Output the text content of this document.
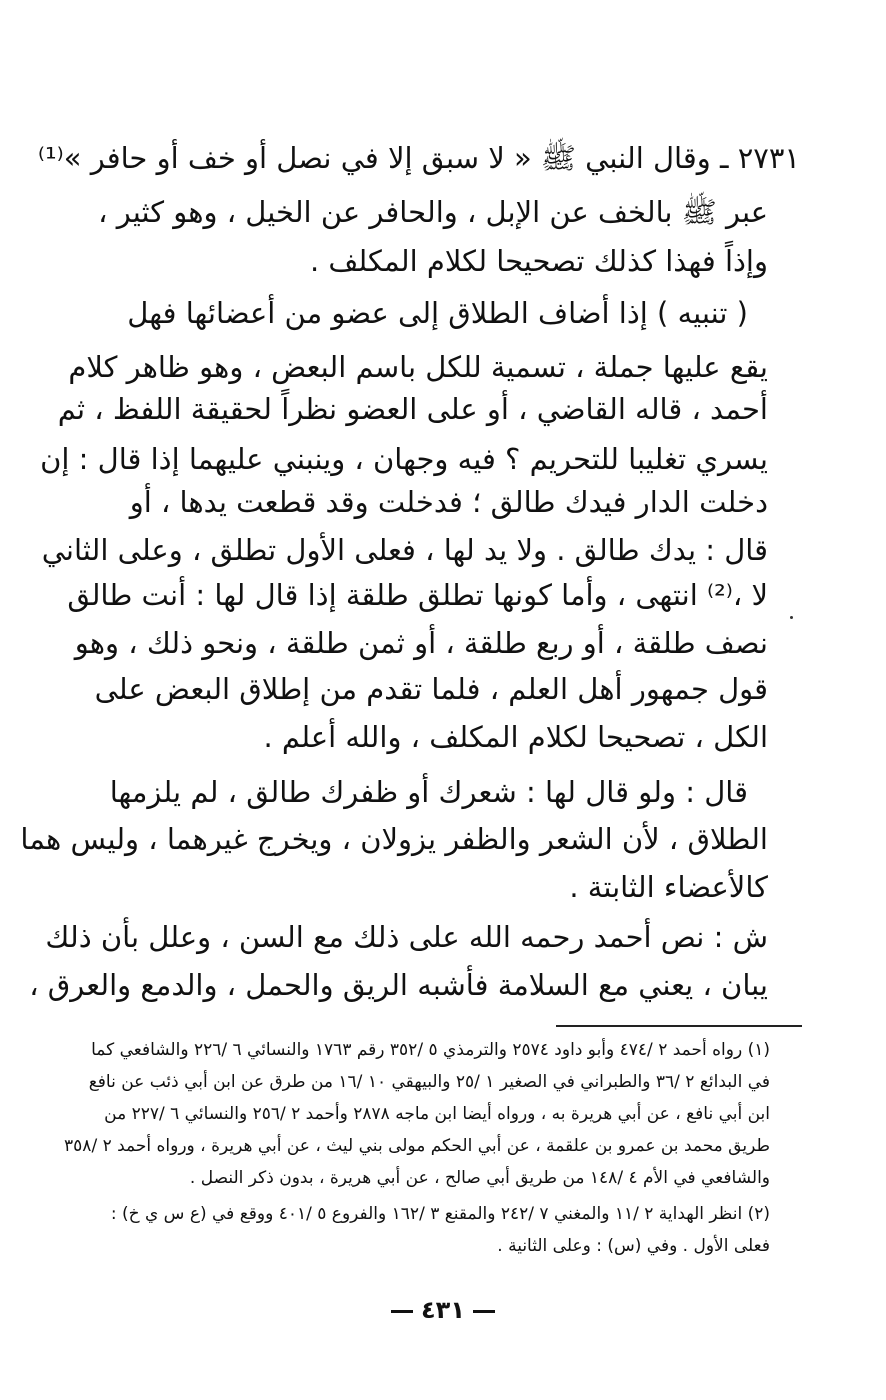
٢٧٣١ ـ وقال النبي ﷺ « لا سبق إلا في نصل أو خف أو حافر »⁽¹⁾

عبر ﷺ بالخف عن الإبل ، والحافر عن الخيل ، وهو كثير ،

وإذاً فهذا كذلك تصحيحا لكلام المكلف .

( تنبيه ) إذا أضاف الطلاق إلى عضو من أعضائها فهل

يقع عليها جملة ، تسمية للكل باسم البعض ، وهو ظاهر كلام

أحمد ، قاله القاضي ، أو على العضو نظراً لحقيقة اللفظ ، ثم

يسري تغليبا للتحريم ؟ فيه وجهان ، وينبني عليهما إذا قال : إن

دخلت الدار فيدك طالق ؛ فدخلت وقد قطعت يدها ، أو

قال : يدك طالق . ولا يد لها ، فعلى الأول تطلق ، وعلى الثاني

لا ،⁽²⁾ انتهى ، وأما كونها تطلق طلقة إذا قال لها : أنت طالق

نصف طلقة ، أو ربع طلقة ، أو ثمن طلقة ، ونحو ذلك ، وهو

قول جمهور أهل العلم ، فلما تقدم من إطلاق البعض على

الكل ، تصحيحا لكلام المكلف ، والله أعلم .

قال : ولو قال لها : شعرك أو ظفرك طالق ، لم يلزمها

الطلاق ، لأن الشعر والظفر يزولان ، ويخرج غيرهما ، وليس هما

كالأعضاء الثابتة .

ش : نص أحمد رحمه الله على ذلك مع السن ، وعلل بأن ذلك

يبان ، يعني مع السلامة فأشبه الريق والحمل ، والدمع والعرق ،

(١) رواه أحمد ٢ /٤٧٤ وأبو داود ٢٥٧٤ والترمذي ٥ /٣٥٢ رقم ١٧٦٣ والنسائي ٦ /٢٢٦ والشافعي كما
في البدائع ٢ /٣٦ والطبراني في الصغير ١ /٢٥ والبيهقي ١٠ /١٦ من طرق عن ابن أبي ذئب عن نافع
ابن أبي نافع ، عن أبي هريرة به ، ورواه أيضا ابن ماجه ٢٨٧٨ وأحمد ٢ /٢٥٦ والنسائي ٦ /٢٢٧ من
طريق محمد بن عمرو بن علقمة ، عن أبي الحكم مولى بني ليث ، عن أبي هريرة ، ورواه أحمد ٢ /٣٥٨
والشافعي في الأم ٤ /١٤٨ من طريق أبي صالح ، عن أبي هريرة ، بدون ذكر النصل .
(٢) انظر الهداية ٢ /١١ والمغني ٧ /٢٤٢ والمقنع ٣ /١٦٢ والفروع ٥ /٤٠١ ووقع في (ع س ي خ) :
فعلى الأول . وفي (س) : وعلى الثانية .
٤٣١
